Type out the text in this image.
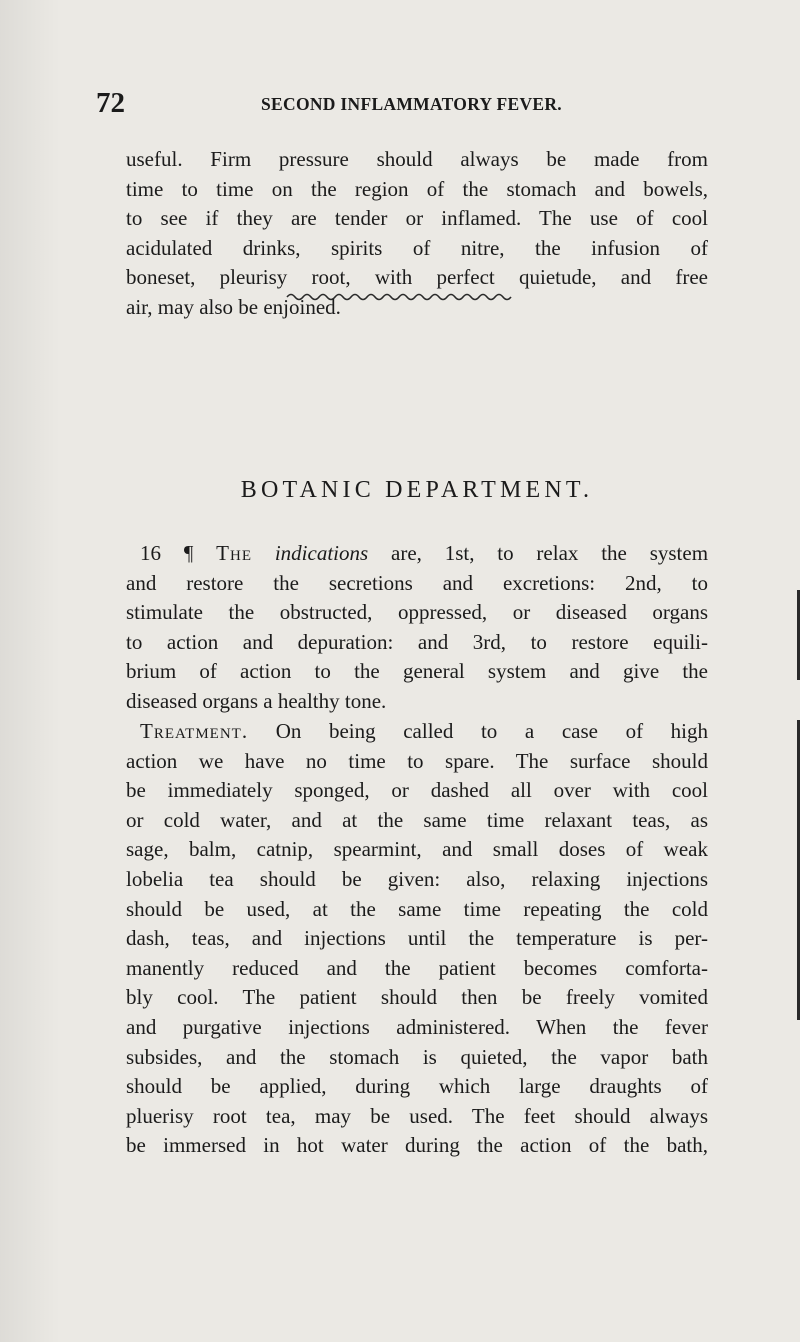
72	SECOND INFLAMMATORY FEVER.
useful. Firm pressure should always be made from
time to time on the region of the stomach and bowels,
to see if they are tender or inflamed. The use of cool
acidulated drinks, spirits of nitre, the infusion of
boneset, pleurisy root, with perfect quietude, and free
air, may also be enjoined.
BOTANIC DEPARTMENT.
16 ¶ The indications are, 1st, to relax the system
and restore the secretions and excretions: 2nd, to
stimulate the obstructed, oppressed, or diseased organs
to action and depuration: and 3rd, to restore equili-
brium of action to the general system and give the
diseased organs a healthy tone.
Treatment. On being called to a case of high
action we have no time to spare. The surface should
be immediately sponged, or dashed all over with cool
or cold water, and at the same time relaxant teas, as
sage, balm, catnip, spearmint, and small doses of weak
lobelia tea should be given: also, relaxing injections
should be used, at the same time repeating the cold
dash, teas, and injections until the temperature is per-
manently reduced and the patient becomes comforta-
bly cool. The patient should then be freely vomited
and purgative injections administered. When the fever
subsides, and the stomach is quieted, the vapor bath
should be applied, during which large draughts of
pluerisy root tea, may be used. The feet should always
be immersed in hot water during the action of the bath,
